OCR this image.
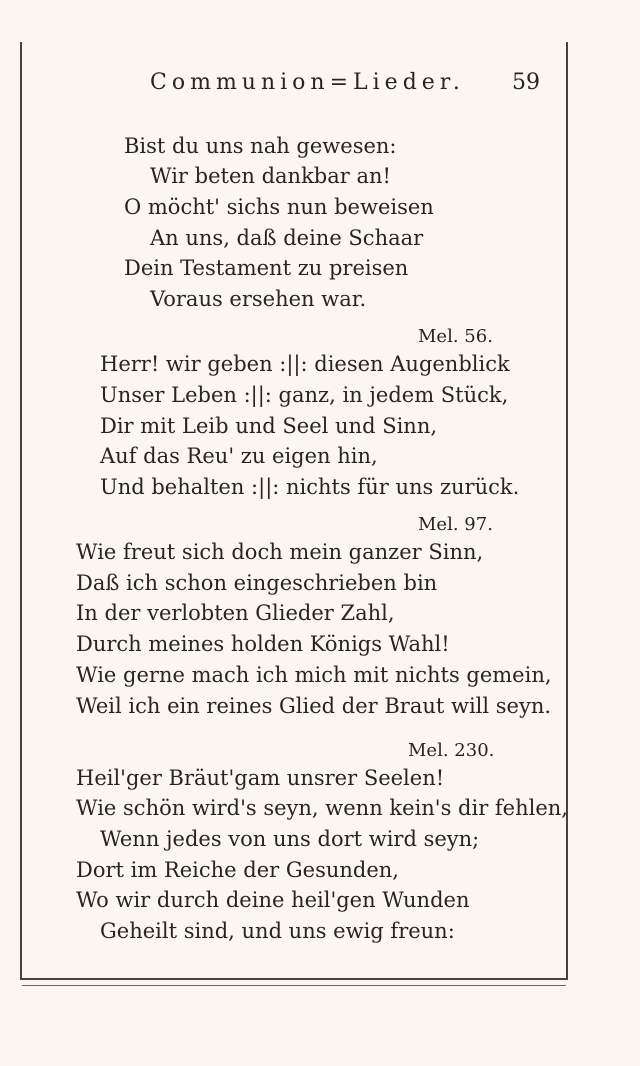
Communion=Lieder. 59
Bist du uns nah gewesen:
Wir beten dankbar an!
O möcht' sichs nun beweisen
An uns, daß deine Schaar
Dein Testament zu preisen
Voraus ersehen war.
Mel. 56.
Herr! wir geben :||: diesen Augenblick
Unser Leben :||: ganz, in jedem Stück,
Dir mit Leib und Seel und Sinn,
Auf das Reu' zu eigen hin,
Und behalten :||: nichts für uns zurück.
Mel. 97.
Wie freut sich doch mein ganzer Sinn,
Daß ich schon eingeschrieben bin
In der verlobten Glieder Zahl,
Durch meines holden Königs Wahl!
Wie gerne mach ich mich mit nichts gemein,
Weil ich ein reines Glied der Braut will seyn.
Mel. 230.
Heil'ger Bräut'gam unsrer Seelen!
Wie schön wird's seyn, wenn kein's dir fehlen,
Wenn jedes von uns dort wird seyn;
Dort im Reiche der Gesunden,
Wo wir durch deine heil'gen Wunden
Geheilt sind, und uns ewig freun:
